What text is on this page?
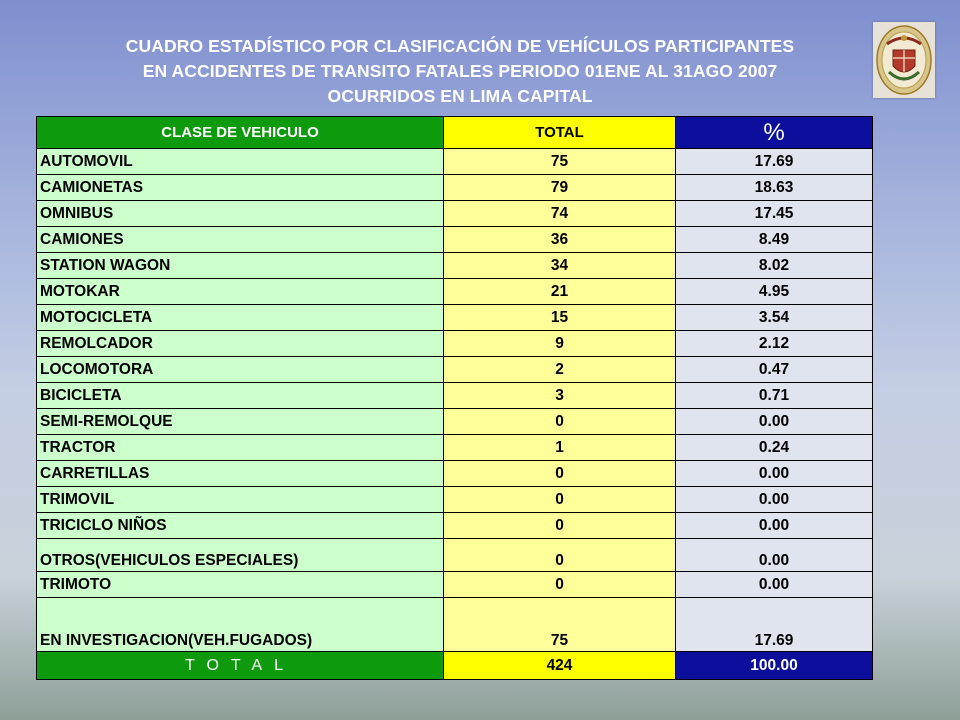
CUADRO ESTADÍSTICO POR CLASIFICACIÓN DE VEHÍCULOS PARTICIPANTES
EN ACCIDENTES DE TRANSITO FATALES PERIODO 01ENE AL 31AGO 2007
OCURRIDOS EN LIMA CAPITAL
CLASE DE VEHICULO	TOTAL	%
AUTOMOVIL	75	17.69
CAMIONETAS	79	18.63
OMNIBUS	74	17.45
CAMIONES	36	8.49
STATION WAGON	34	8.02
MOTOKAR	21	4.95
MOTOCICLETA	15	3.54
REMOLCADOR	9	2.12
LOCOMOTORA	2	0.47
BICICLETA	3	0.71
SEMI-REMOLQUE	0	0.00
TRACTOR	1	0.24
CARRETILLAS	0	0.00
TRIMOVIL	0	0.00
TRICICLO NIÑOS	0	0.00
OTROS(VEHICULOS ESPECIALES)	0	0.00
TRIMOTO	0	0.00
EN INVESTIGACION(VEH.FUGADOS)	75	17.69
TOTAL	424	100.00
